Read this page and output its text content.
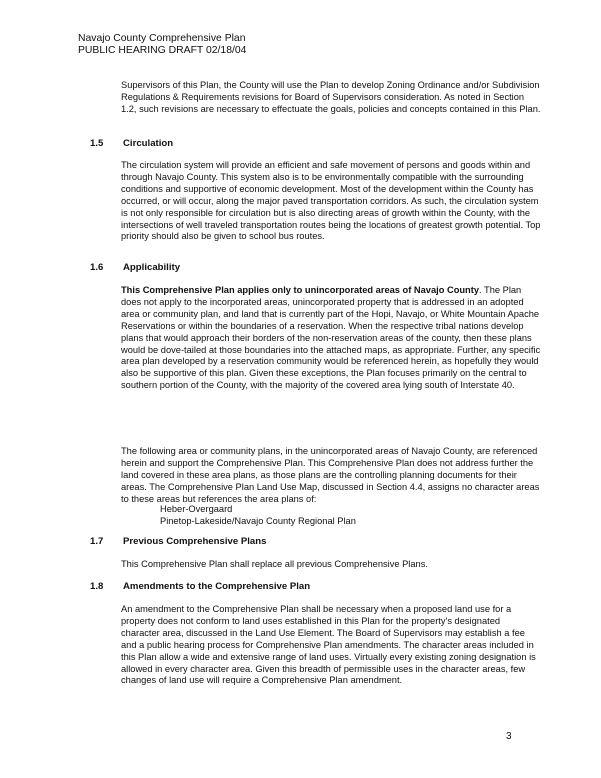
Navajo County Comprehensive Plan
PUBLIC HEARING DRAFT 02/18/04

Supervisors of this Plan, the County will use the Plan to develop Zoning Ordinance and/or Subdivision Regulations & Requirements revisions for Board of Supervisors consideration. As noted in Section 1.2, such revisions are necessary to effectuate the goals, policies and concepts contained in this Plan.

1.5 Circulation

The circulation system will provide an efficient and safe movement of persons and goods within and through Navajo County. This system also is to be environmentally compatible with the surrounding conditions and supportive of economic development. Most of the development within the County has occurred, or will occur, along the major paved transportation corridors. As such, the circulation system is not only responsible for circulation but is also directing areas of growth within the County, with the intersections of well traveled transportation routes being the locations of greatest growth potential. Top priority should also be given to school bus routes.

1.6 Applicability

This Comprehensive Plan applies only to unincorporated areas of Navajo County. The Plan does not apply to the incorporated areas, unincorporated property that is addressed in an adopted area or community plan, and land that is currently part of the Hopi, Navajo, or White Mountain Apache Reservations or within the boundaries of a reservation. When the respective tribal nations develop plans that would approach their borders of the non-reservation areas of the county, then these plans would be dove-tailed at those boundaries into the attached maps, as appropriate. Further, any specific area plan developed by a reservation community would be referenced herein, as hopefully they would also be supportive of this plan. Given these exceptions, the Plan focuses primarily on the central to southern portion of the County, with the majority of the covered area lying south of Interstate 40.

The following area or community plans, in the unincorporated areas of Navajo County, are referenced herein and support the Comprehensive Plan. This Comprehensive Plan does not address further the land covered in these area plans, as those plans are the controlling planning documents for their areas. The Comprehensive Plan Land Use Map, discussed in Section 4.4, assigns no character areas to these areas but references the area plans of:

Heber-Overgaard
Pinetop-Lakeside/Navajo County Regional Plan
1.7 Previous Comprehensive Plans

This Comprehensive Plan shall replace all previous Comprehensive Plans.

1.8 Amendments to the Comprehensive Plan

An amendment to the Comprehensive Plan shall be necessary when a proposed land use for a property does not conform to land uses established in this Plan for the property's designated character area, discussed in the Land Use Element. The Board of Supervisors may establish a fee and a public hearing process for Comprehensive Plan amendments. The character areas included in this Plan allow a wide and extensive range of land uses. Virtually every existing zoning designation is allowed in every character area. Given this breadth of permissible uses in the character areas, few changes of land use will require a Comprehensive Plan amendment.

3
